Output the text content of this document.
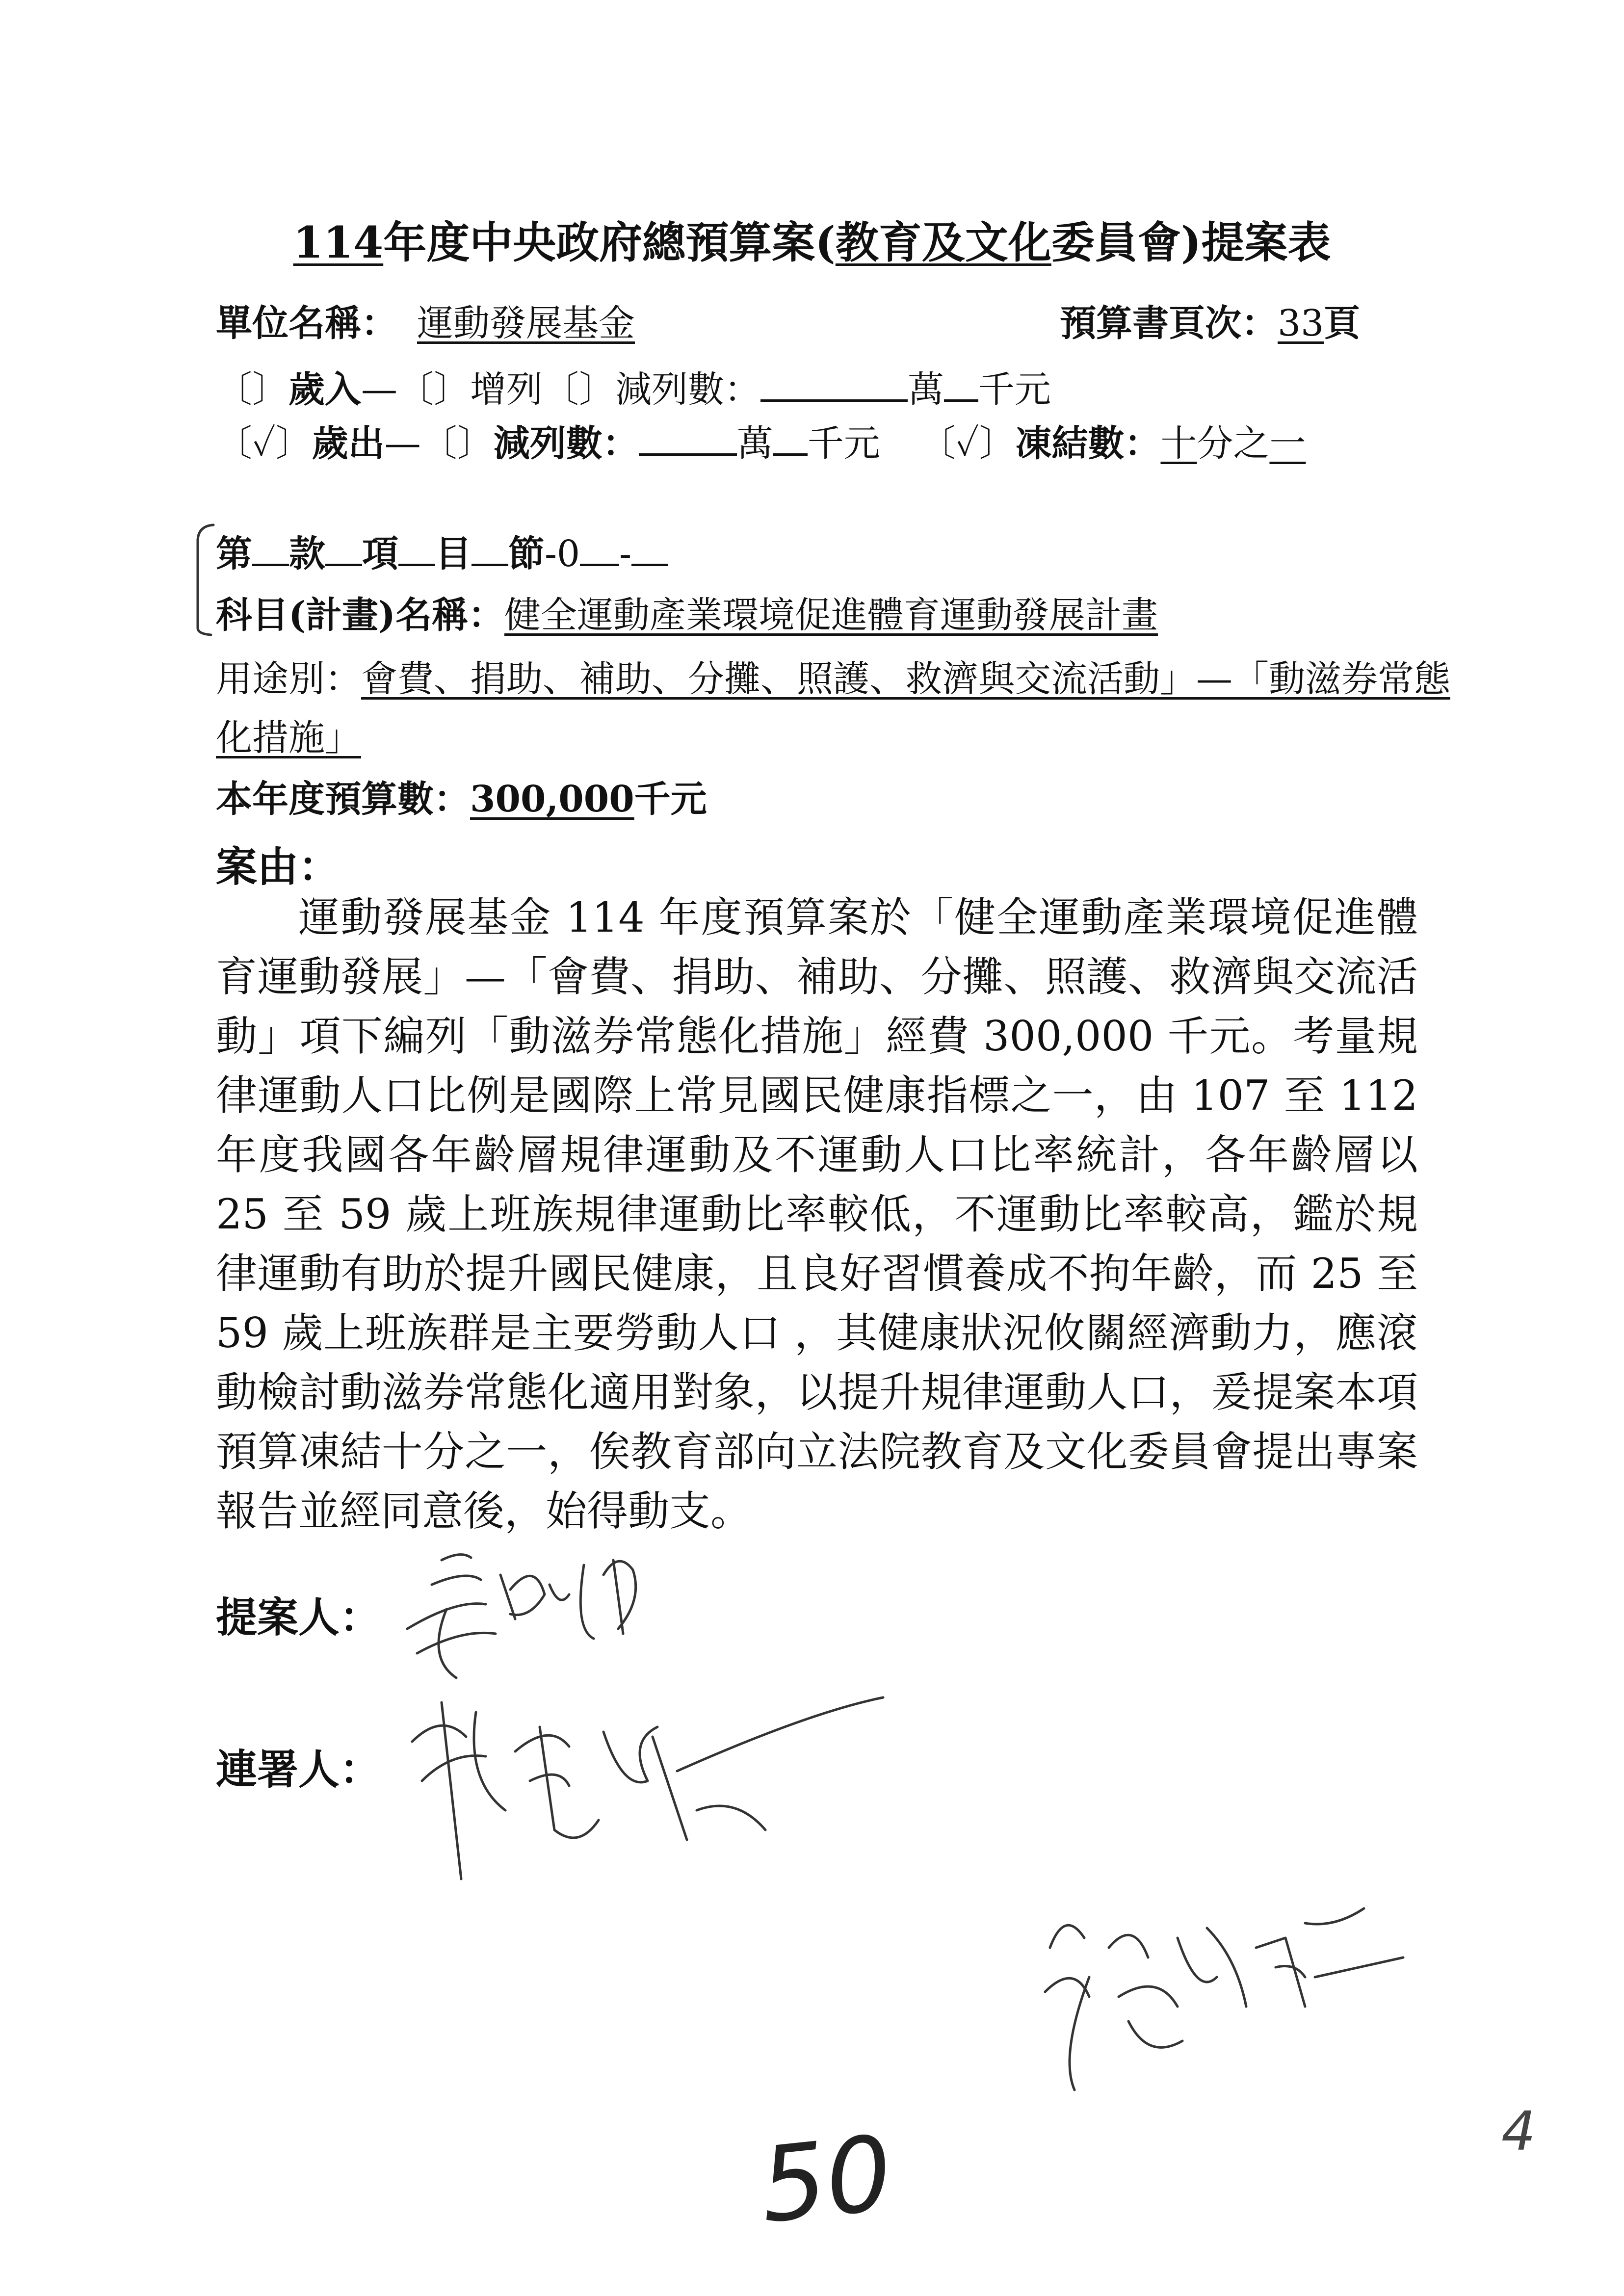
114年度中央政府總預算案(教育及文化委員會)提案表
單位名稱： 運動發展基金	預算書頁次：33頁
〔〕歲入—〔〕增列〔〕減列數：	萬 千元
〔✓〕歲出—〔〕減列數：	萬 千元 〔✓〕凍結數：十分之一
第 款 項 目 節-0 -
科目(計畫)名稱：健全運動產業環境促進體育運動發展計畫
用途別：會費、捐助、補助、分攤、照護、救濟與交流活動」—「動滋券常態
化措施」
本年度預算數：300,000千元
案由：

運動發展基金 114 年度預算案於「健全運動產業環境促進體育運動發展」—「會費、捐助、補助、分攤、照護、救濟與交流活動」項下編列「動滋券常態化措施」經費 300,000 千元。考量規律運動人口比例是國際上常見國民健康指標之一，由 107 至 112 年度我國各年齡層規律運動及不運動人口比率統計，各年齡層以 25 至 59 歲上班族規律運動比率較低，不運動比率較高，鑑於規律運動有助於提升國民健康，且良好習慣養成不拘年齡，而 25 至 59 歲上班族群是主要勞動人口 ，其健康狀況攸關經濟動力，應滾動檢討動滋券常態化適用對象，以提升規律運動人口，爰提案本項預算凍結十分之一，俟教育部向立法院教育及文化委員會提出專案報告並經同意後，始得動支。

提案人：
連署人：
50	4
